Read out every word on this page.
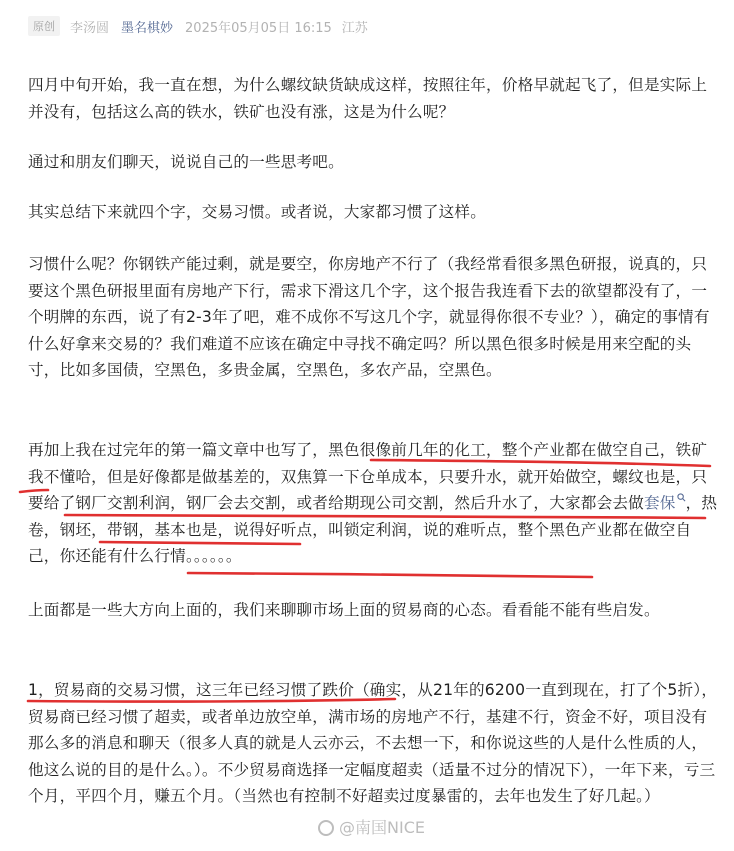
原创	李汤圆 墨名棋妙 2025年05月05日 16:15 江苏

四月中旬开始，我一直在想，为什么螺纹缺货缺成这样，按照往年，价格早就起飞了，但是实际上并没有，包括这么高的铁水，铁矿也没有涨，这是为什么呢？

通过和朋友们聊天，说说自己的一些思考吧。

其实总结下来就四个字，交易习惯。或者说，大家都习惯了这样。

习惯什么呢？你钢铁产能过剩，就是要空，你房地产不行了（我经常看很多黑色研报，说真的，只要这个黑色研报里面有房地产下行，需求下滑这几个字，这个报告我连看下去的欲望都没有了，一个明牌的东西，说了有2-3年了吧，难不成你不写这几个字，就显得你很不专业？），确定的事情有什么好拿来交易的？我们难道不应该在确定中寻找不确定吗？所以黑色很多时候是用来空配的头寸，比如多国债，空黑色，多贵金属，空黑色，多农产品，空黑色。

再加上我在过完年的第一篇文章中也写了，黑色很像前几年的化工，整个产业都在做空自己，铁矿我不懂哈，但是好像都是做基差的，双焦算一下仓单成本，只要升水，就开始做空，螺纹也是，只要给了钢厂交割利润，钢厂会去交割，或者给期现公司交割，然后升水了，大家都会去做套保 ，热卷，钢坯，带钢，基本也是，说得好听点，叫锁定利润，说的难听点，整个黑色产业都在做空自己，你还能有什么行情。。。。。。

上面都是一些大方向上面的，我们来聊聊市场上面的贸易商的心态。看看能不能有些启发。

1，贸易商的交易习惯，这三年已经习惯了跌价（确实，从21年的6200一直到现在，打了个5折），贸易商已经习惯了超卖，或者单边放空单，满市场的房地产不行，基建不行，资金不好，项目没有那么多的消息和聊天（很多人真的就是人云亦云，不去想一下，和你说这些的人是什么性质的人，他这么说的目的是什么。）。不少贸易商选择一定幅度超卖（适量不过分的情况下），一年下来，亏三个月，平四个月，赚五个月。（当然也有控制不好超卖过度暴雷的，去年也发生了好几起。）

@南国NICE
